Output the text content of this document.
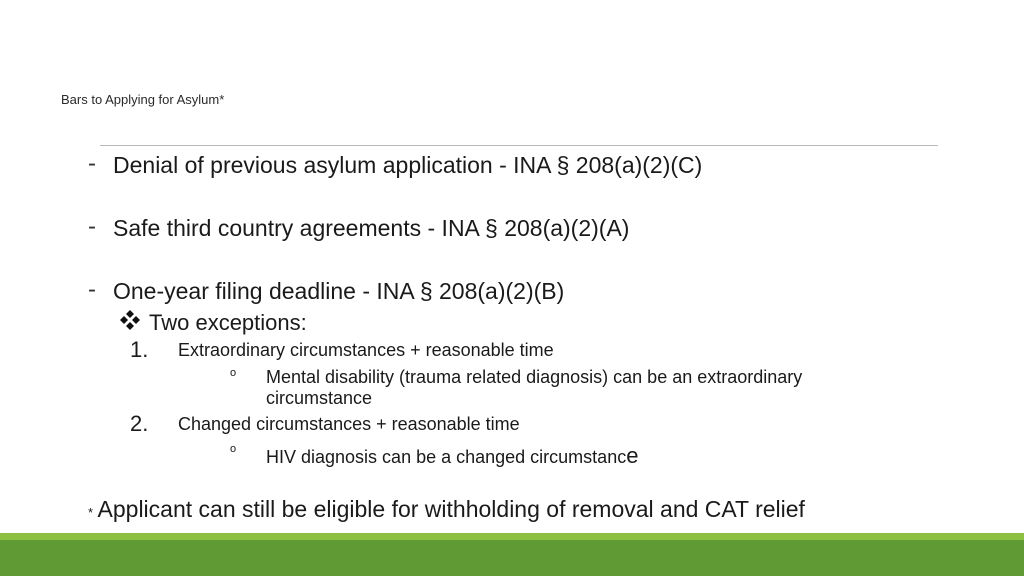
Bars to Applying for Asylum*
- Denial of previous asylum application - INA § 208(a)(2)(C)
- Safe third country agreements - INA § 208(a)(2)(A)
- One-year filing deadline - INA § 208(a)(2)(B)
Two exceptions:
1. Extraordinary circumstances + reasonable time
o Mental disability (trauma related diagnosis) can be an extraordinary
circumstance
2. Changed circumstances + reasonable time
o HIV diagnosis can be a changed circumstance
* Applicant can still be eligible for withholding of removal and CAT relief
